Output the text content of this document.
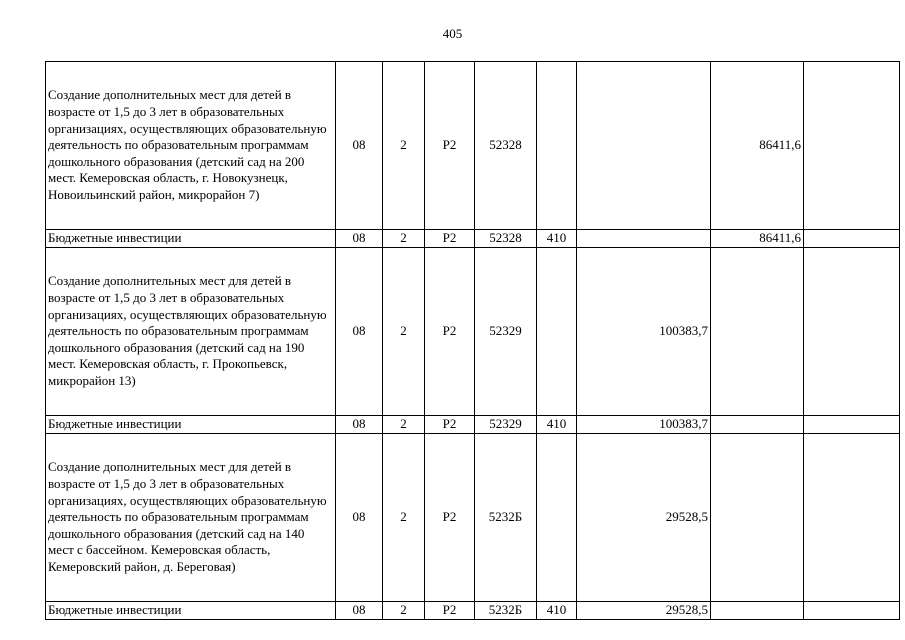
405
Создание дополнительных мест для детей в возрасте от 1,5 до 3 лет в образовательных организациях, осуществляющих образовательную деятельность по образовательным программам дошкольного образования (детский сад на 200 мест. Кемеровская область, г. Новокузнецк, Новоильинский район, микрорайон 7)	08	2	P2	52328			86411,6	
Бюджетные инвестиции	08	2	P2	52328	410		86411,6	
Создание дополнительных мест для детей в возрасте от 1,5 до 3 лет в образовательных организациях, осуществляющих образовательную деятельность по образовательным программам дошкольного образования (детский сад на 190 мест. Кемеровская область, г. Прокопьевск, микрорайон 13)	08	2	P2	52329		100383,7		
Бюджетные инвестиции	08	2	P2	52329	410	100383,7		
Создание дополнительных мест для детей в возрасте от 1,5 до 3 лет в образовательных организациях, осуществляющих образовательную деятельность по образовательным программам дошкольного образования (детский сад на 140 мест с бассейном. Кемеровская область, Кемеровский район, д. Береговая)	08	2	P2	5232Б		29528,5		
Бюджетные инвестиции	08	2	P2	5232Б	410	29528,5		
